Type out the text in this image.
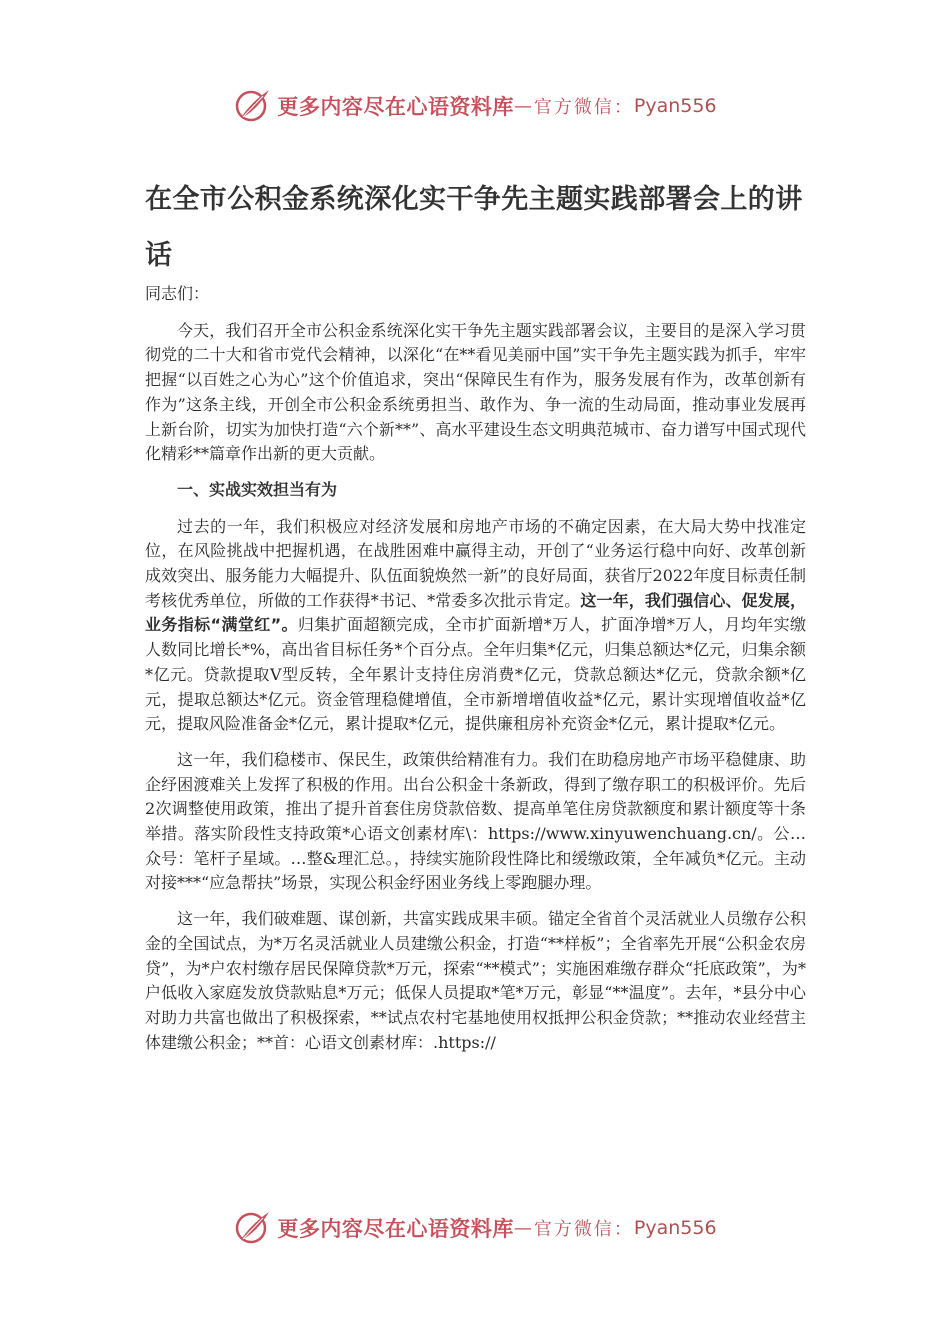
更多内容尽在心语资料库 — 官方微信： Pyan556
在全市公积金系统深化实干争先主题实践部署会上的讲话

同志们：

今天，我们召开全市公积金系统深化实干争先主题实践部署会议，主要目的是深入学习贯彻党的二十大和省市党代会精神，以深化“在**看见美丽中国”实干争先主题实践为抓手，牢牢把握“以百姓之心为心”这个价值追求，突出“保障民生有作为，服务发展有作为，改革创新有作为”这条主线，开创全市公积金系统勇担当、敢作为、争一流的生动局面，推动事业发展再上新台阶，切实为加快打造“六个新**”、高水平建设生态文明典范城市、奋力谱写中国式现代化精彩**篇章作出新的更大贡献。

一、实战实效担当有为

过去的一年，我们积极应对经济发展和房地产市场的不确定因素，在大局大势中找准定位，在风险挑战中把握机遇，在战胜困难中赢得主动，开创了“业务运行稳中向好、改革创新成效突出、服务能力大幅提升、队伍面貌焕然一新”的良好局面，获省厅2022年度目标责任制考核优秀单位，所做的工作获得*书记、*常委多次批示肯定。这一年，我们强信心、促发展，业务指标“满堂红”。归集扩面超额完成，全市扩面新增*万人，扩面净增*万人，月均年实缴人数同比增长*%，高出省目标任务*个百分点。全年归集*亿元，归集总额达*亿元，归集余额*亿元。贷款提取Ⅴ型反转，全年累计支持住房消费*亿元，贷款总额达*亿元，贷款余额*亿元，提取总额达*亿元。资金管理稳健增值，全市新增增值收益*亿元，累计实现增值收益*亿元，提取风险准备金*亿元，累计提取*亿元，提供廉租房补充资金*亿元，累计提取*亿元。

这一年，我们稳楼市、保民生，政策供给精准有力。我们在助稳房地产市场平稳健康、助企纾困渡难关上发挥了积极的作用。出台公积金十条新政，得到了缴存职工的积极评价。先后2次调整使用政策，推出了提升首套住房贷款倍数、提高单笔住房贷款额度和累计额度等十条举措。落实阶段性支持政策*心语文创素材库\：https://www.xinyuwenchuang.cn/。公…众号：笔杆子星域。…整&理汇总。，持续实施阶段性降比和缓缴政策，全年减负*亿元。主动对接***“应急帮扶”场景，实现公积金纾困业务线上零跑腿办理。

这一年，我们破难题、谋创新，共富实践成果丰硕。锚定全省首个灵活就业人员缴存公积金的全国试点，为*万名灵活就业人员建缴公积金，打造“**样板”；全省率先开展“公积金农房贷”，为*户农村缴存居民保障贷款*万元，探索“**模式”；实施困难缴存群众“托底政策”，为*户低收入家庭发放贷款贴息*万元；低保人员提取*笔*万元，彰显“**温度”。去年，*县分中心对助力共富也做出了积极探索，**试点农村宅基地使用权抵押公积金贷款；**推动农业经营主体建缴公积金；**首：心语文创素材库：.https://

更多内容尽在心语资料库 — 官方微信： Pyan556
